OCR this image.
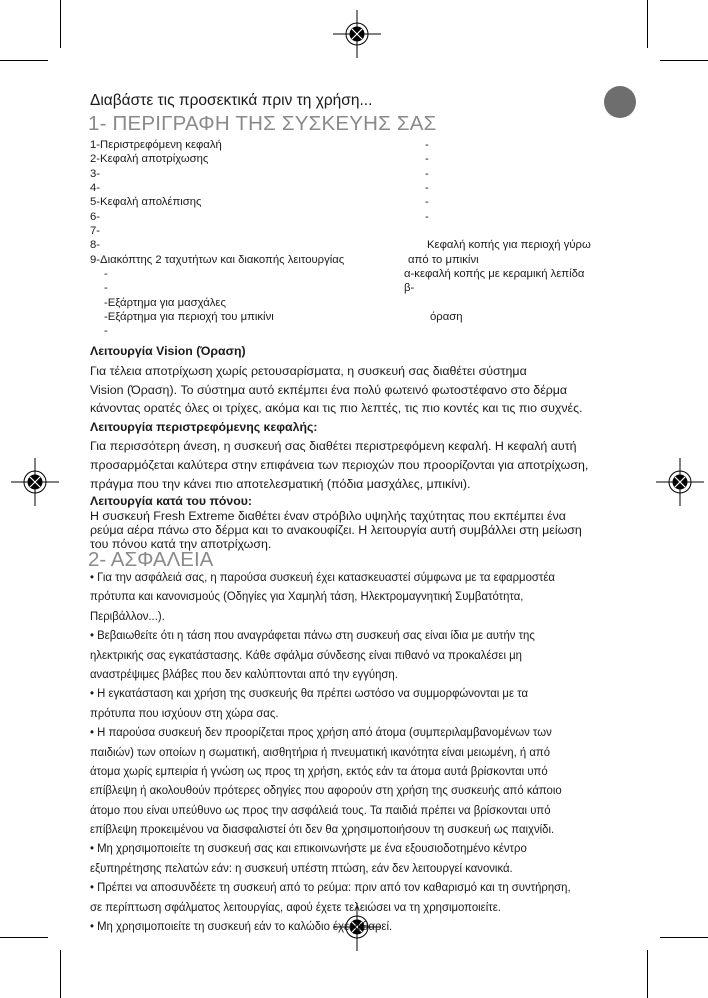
Διαβάστε τις προσεκτικά πριν τη χρήση...
1- ΠΕΡΙΓΡΑΦΗ ΤΗΣ ΣΥΣΚΕΥΗΣ ΣΑΣ
1-Περιστρεφόμενη κεφαλή
2-Κεφαλή αποτρίχωσης
3-
4-
5-Κεφαλή απολέπισης
6-
7-
8-
9-Διακόπτης 2 ταχυτήτων και διακοπής λειτουργίας
-
-
-Εξάρτημα για μασχάλες
-Εξάρτημα για περιοχή του μπικίνι
-
-
-
-
-
-
-
Κεφαλή κοπής για περιοχή γύρω
από το μπικίνι
α-κεφαλή κοπής με κεραμική λεπίδα
β-
όραση
Λειτουργία Vision (Όραση)
Για τέλεια αποτρίχωση χωρίς ρετουσαρίσματα, η συσκευή σας διαθέτει σύστημα
Vision (Όραση). Το σύστημα αυτό εκπέμπει ένα πολύ φωτεινό φωτοστέφανο στο δέρμα
κάνοντας ορατές όλες οι τρίχες, ακόμα και τις πιο λεπτές, τις πιο κοντές και τις πιο συχνές.
Λειτουργία περιστρεφόμενης κεφαλής:
Για περισσότερη άνεση, η συσκευή σας διαθέτει περιστρεφόμενη κεφαλή. Η κεφαλή αυτή
προσαρμόζεται καλύτερα στην επιφάνεια των περιοχών που προορίζονται για αποτρίχωση,
πράγμα που την κάνει πιο αποτελεσματική (πόδια μασχάλες, μπικίνι).
Λειτουργία κατά του πόνου:
Η συσκευή Fresh Extreme διαθέτει έναν στρόβιλο υψηλής ταχύτητας που εκπέμπει ένα
ρεύμα αέρα πάνω στο δέρμα και το ανακουφίζει. Η λειτουργία αυτή συμβάλλει στη μείωση
του πόνου κατά την αποτρίχωση.
2- ΑΣΦΑΛΕΙΑ
• Για την ασφάλειά σας, η παρούσα συσκευή έχει κατασκευαστεί σύμφωνα με τα εφαρμοστέα
πρότυπα και κανονισμούς (Οδηγίες για Χαμηλή τάση, Ηλεκτρομαγνητική Συμβατότητα,
Περιβάλλον...).
• Βεβαιωθείτε ότι η τάση που αναγράφεται πάνω στη συσκευή σας είναι ίδια με αυτήν της
ηλεκτρικής σας εγκατάστασης. Κάθε σφάλμα σύνδεσης είναι πιθανό να προκαλέσει μη
αναστρέψιμες βλάβες που δεν καλύπτονται από την εγγύηση.
• Η εγκατάσταση και χρήση της συσκευής θα πρέπει ωστόσο να συμμορφώνονται με τα
πρότυπα που ισχύουν στη χώρα σας.
• Η παρούσα συσκευή δεν προορίζεται προς χρήση από άτομα (συμπεριλαμβανομένων των
παιδιών) των οποίων η σωματική, αισθητήρια ή πνευματική ικανότητα είναι μειωμένη, ή από
άτομα χωρίς εμπειρία ή γνώση ως προς τη χρήση, εκτός εάν τα άτομα αυτά βρίσκονται υπό
επίβλεψη ή ακολουθούν πρότερες οδηγίες που αφορούν στη χρήση της συσκευής από κάποιο
άτομο που είναι υπεύθυνο ως προς την ασφάλειά τους. Τα παιδιά πρέπει να βρίσκονται υπό
επίβλεψη προκειμένου να διασφαλιστεί ότι δεν θα χρησιμοποιήσουν τη συσκευή ως παιχνίδι.
• Μη χρησιμοποιείτε τη συσκευή σας και επικοινωνήστε με ένα εξουσιοδοτημένο κέντρο
εξυπηρέτησης πελατών εάν: η συσκευή υπέστη πτώση, εάν δεν λειτουργεί κανονικά.
• Πρέπει να αποσυνδέετε τη συσκευή από το ρεύμα: πριν από τον καθαρισμό και τη συντήρηση,
σε περίπτωση σφάλματος λειτουργίας, αφού έχετε τελειώσει να τη χρησιμοποιείτε.
• Μη χρησιμοποιείτε τη συσκευή εάν το καλώδιο έχει φθαρεί.
